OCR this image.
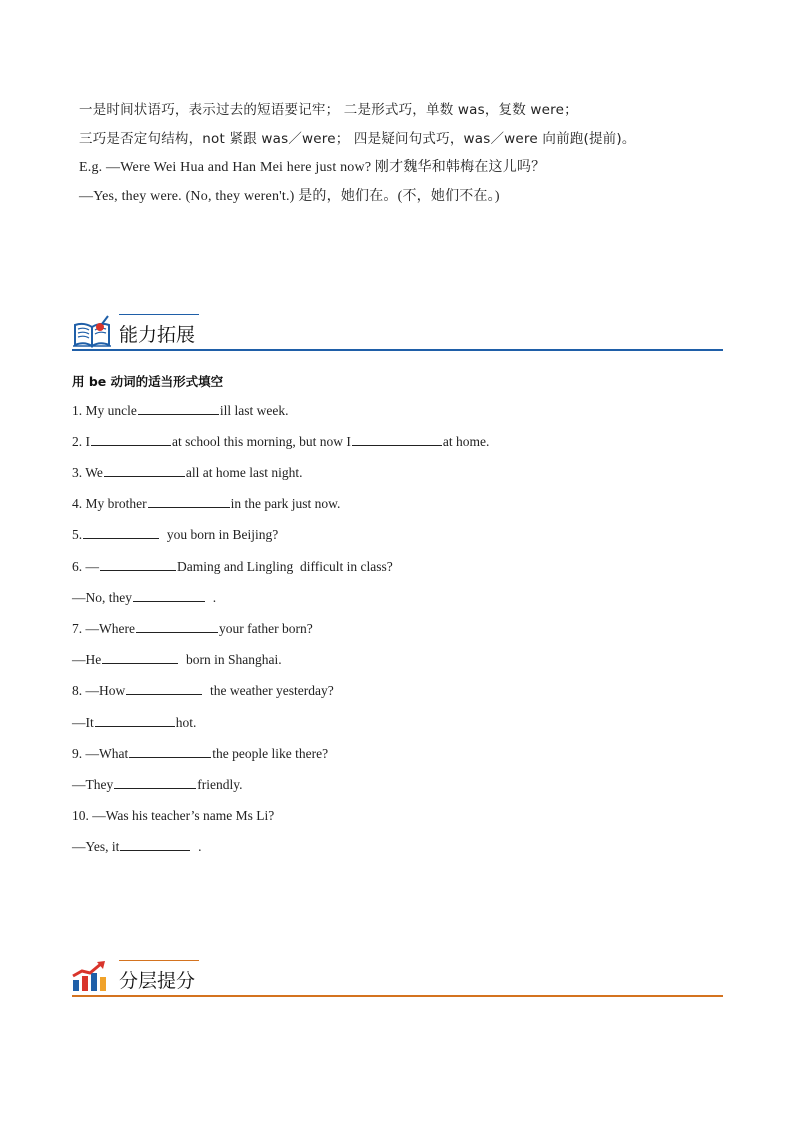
一是时间状语巧，表示过去的短语要记牢； 二是形式巧，单数 was，复数 were；
三巧是否定句结构，not 紧跟 was／were； 四是疑问句式巧，was／were 向前跑(提前)。
E.g. —Were Wei Hua and Han Mei here just now? 刚才魏华和韩梅在这儿吗？
—Yes, they were. (No, they weren't.) 是的，她们在。(不，她们不在。)
能力拓展
用 be 动词的适当形式填空
1. My uncle	ill last week.
2. I	at school this morning, but now I	at home.
3. We	all at home last night.
4. My brother	in the park just now.
5.	you born in Beijing?
6. —	Daming and Lingling  difficult in class?
—No, they	.
7. —Where	your father born?
—He	born in Shanghai.
8. —How	the weather yesterday?
—It	hot.
9. —What	the people like there?
—They	friendly.
10. —Was his teacher’s name Ms Li?
—Yes, it	.
分层提分
